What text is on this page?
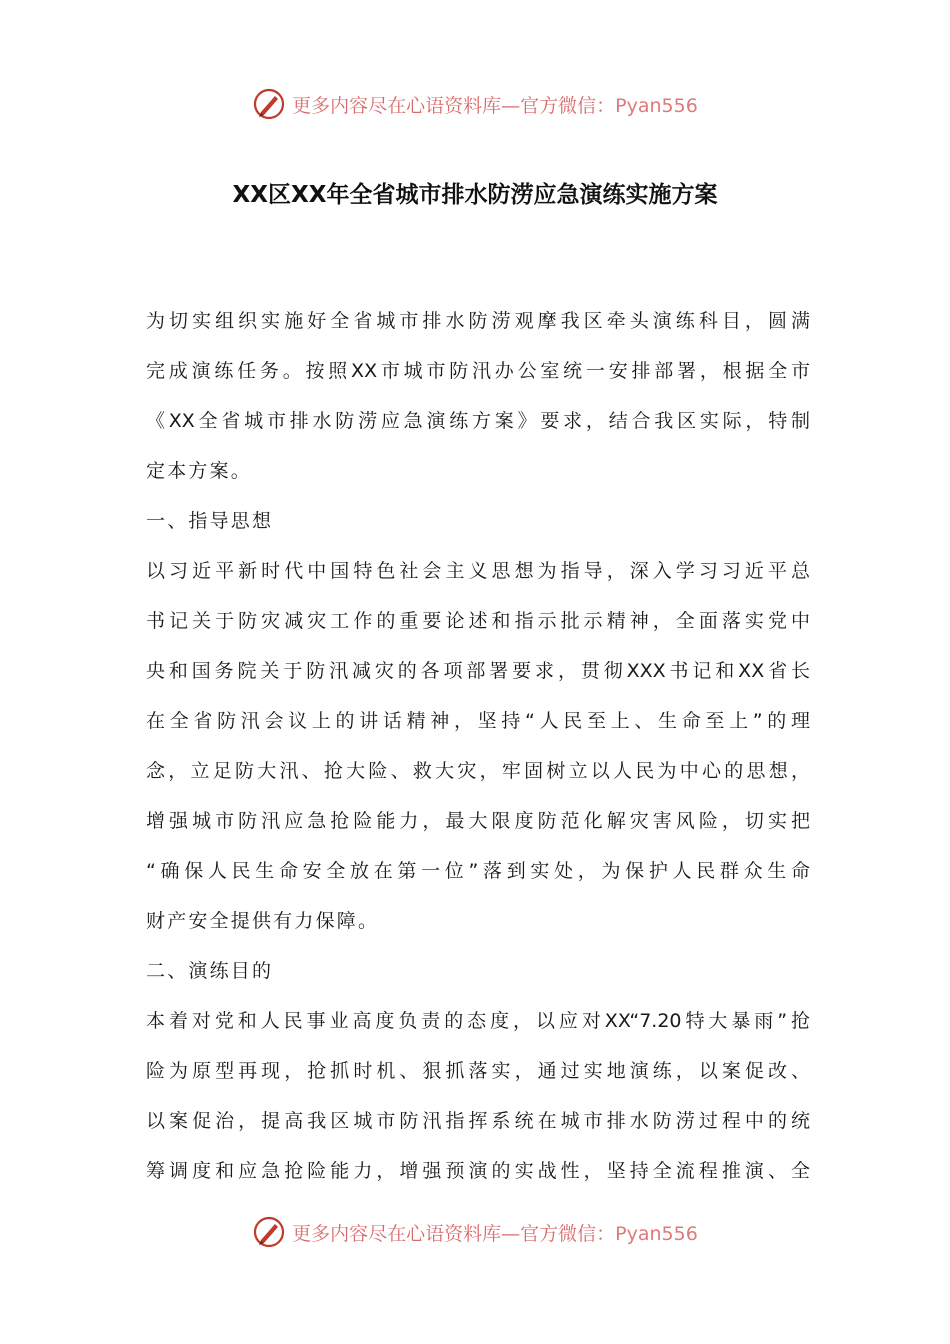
更多内容尽在心语资料库—官方微信：Pyan556
XX区XX年全省城市排水防涝应急演练实施方案

为切实组织实施好全省城市排水防涝观摩我区牵头演练科目，圆满

完成演练任务。按照XX市城市防汛办公室统一安排部署，根据全市

《XX全省城市排水防涝应急演练方案》要求，结合我区实际，特制

定本方案。

一、指导思想

以习近平新时代中国特色社会主义思想为指导，深入学习习近平总

书记关于防灾减灾工作的重要论述和指示批示精神，全面落实党中

央和国务院关于防汛减灾的各项部署要求，贯彻XXX书记和XX省长

在全省防汛会议上的讲话精神，坚持“人民至上、生命至上”的理

念，立足防大汛、抢大险、救大灾，牢固树立以人民为中心的思想，

增强城市防汛应急抢险能力，最大限度防范化解灾害风险，切实把

“确保人民生命安全放在第一位”落到实处，为保护人民群众生命

财产安全提供有力保障。

二、演练目的

本着对党和人民事业高度负责的态度，以应对XX“7.20特大暴雨”抢

险为原型再现，抢抓时机、狠抓落实，通过实地演练，以案促改、

以案促治，提高我区城市防汛指挥系统在城市排水防涝过程中的统

筹调度和应急抢险能力，增强预演的实战性，坚持全流程推演、全

更多内容尽在心语资料库—官方微信：Pyan556
